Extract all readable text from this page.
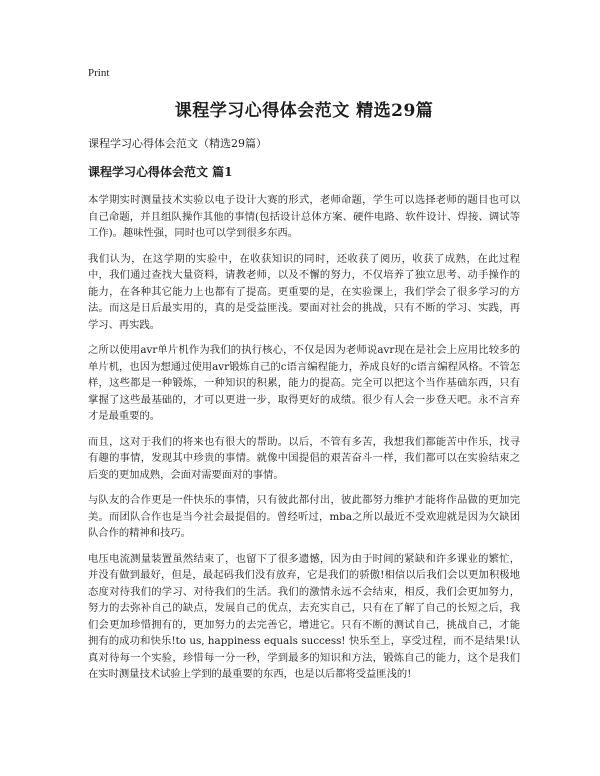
Print
课程学习心得体会范文 精选29篇
课程学习心得体会范文（精选29篇）
课程学习心得体会范文 篇1

本学期实时测量技术实验以电子设计大赛的形式，老师命题，学生可以选择老师的题目也可以自己命题，并且组队操作其他的事情(包括设计总体方案、硬件电路、软件设计、焊接、调试等工作)。趣味性强，同时也可以学到很多东西。

我们认为，在这学期的实验中，在收获知识的同时，还收获了阅历，收获了成熟，在此过程中，我们通过查找大量资料，请教老师，以及不懈的努力，不仅培养了独立思考、动手操作的能力，在各种其它能力上也都有了提高。更重要的是，在实验课上，我们学会了很多学习的方法。而这是日后最实用的，真的是受益匪浅。要面对社会的挑战，只有不断的学习、实践，再学习、再实践。

之所以使用avr单片机作为我们的执行核心，不仅是因为老师说avr现在是社会上应用比较多的单片机，也因为想通过使用avr锻炼自己的c语言编程能力，养成良好的c语言编程风格。不管怎样，这些都是一种锻炼，一种知识的积累，能力的提高。完全可以把这个当作基础东西，只有掌握了这些最基础的，才可以更进一步，取得更好的成绩。很少有人会一步登天吧。永不言弃才是最重要的。

而且，这对于我们的将来也有很大的帮助。以后，不管有多苦，我想我们都能苦中作乐，找寻有趣的事情，发现其中珍贵的事情。就像中国提倡的艰苦奋斗一样，我们都可以在实验结束之后变的更加成熟，会面对需要面对的事情。

与队友的合作更是一件快乐的事情，只有彼此都付出，彼此都努力维护才能将作品做的更加完美。而团队合作也是当今社会最提倡的。曾经听过，mba之所以最近不受欢迎就是因为欠缺团队合作的精神和技巧。

电压电流测量装置虽然结束了，也留下了很多遗憾，因为由于时间的紧缺和许多课业的繁忙，并没有做到最好，但是，最起码我们没有放弃，它是我们的骄傲!相信以后我们会以更加积极地态度对待我们的学习、对待我们的生活。我们的激情永远不会结束，相反，我们会更加努力，努力的去弥补自己的缺点，发展自己的优点，去充实自己，只有在了解了自己的长短之后，我们会更加珍惜拥有的，更加努力的去完善它，增进它。只有不断的测试自己，挑战自己，才能拥有的成功和快乐!to us, happiness equals success! 快乐至上，享受过程，而不是结果!认真对待每一个实验，珍惜每一分一秒，学到最多的知识和方法，锻炼自己的能力，这个是我们在实时测量技术试验上学到的最重要的东西，也是以后都将受益匪浅的!
